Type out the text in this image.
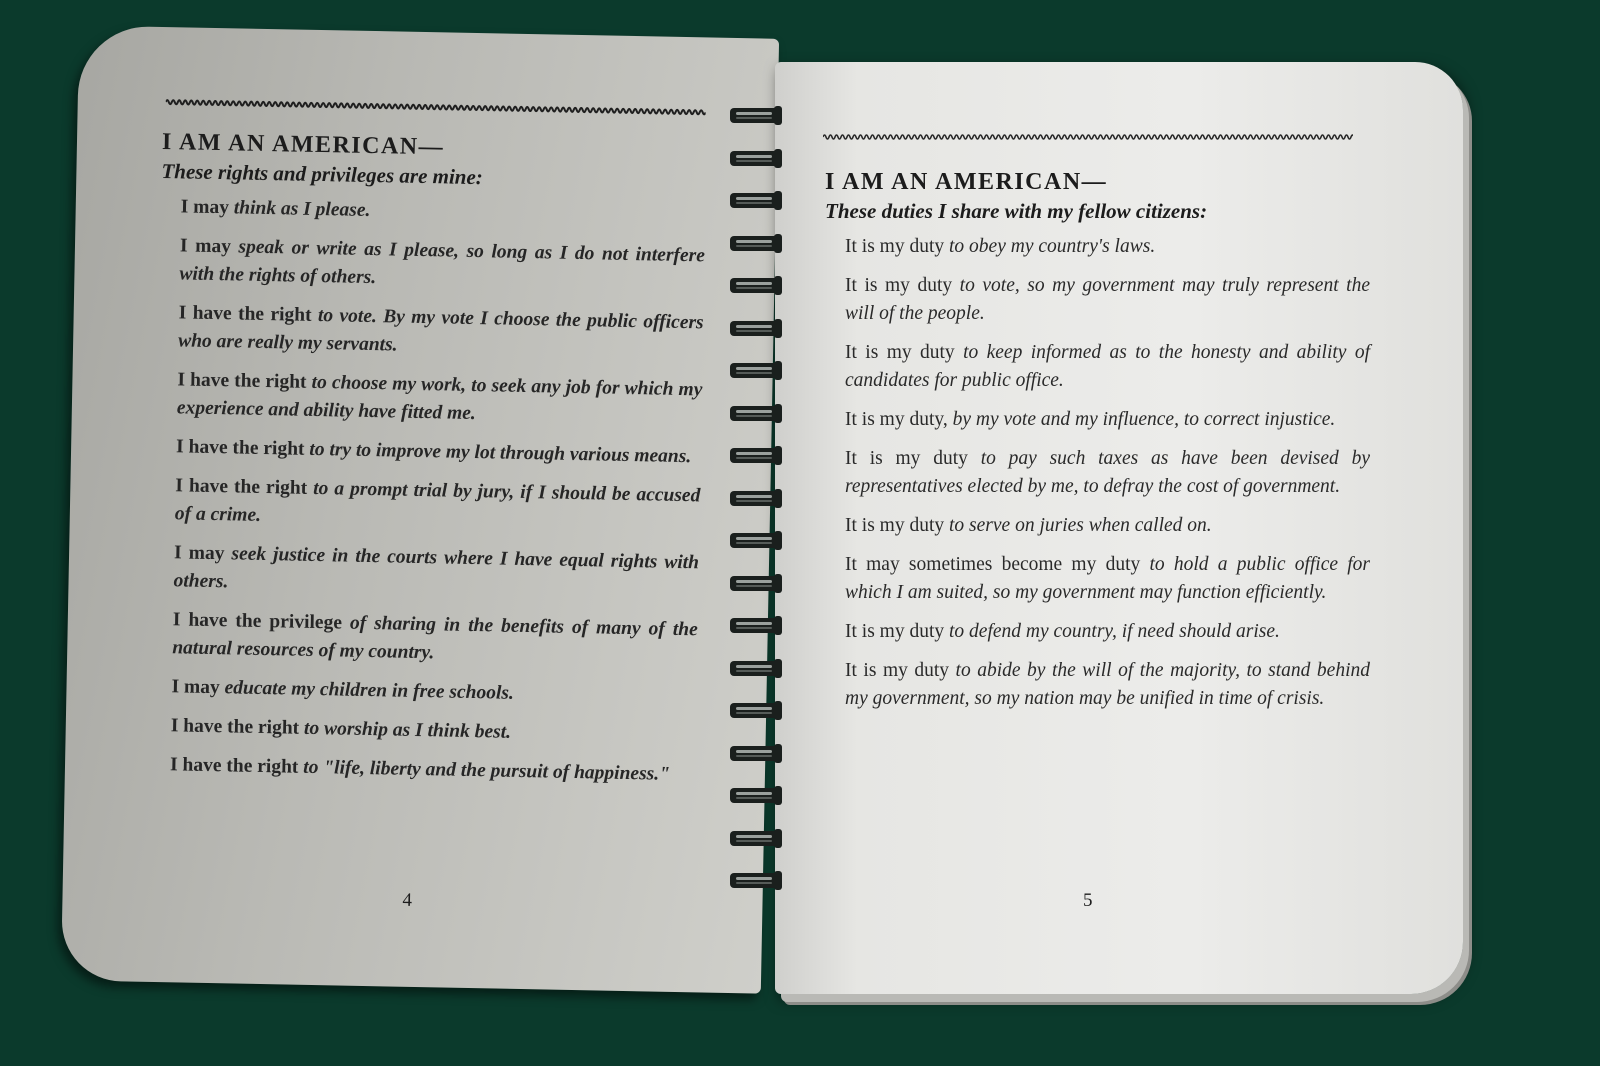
I AM AN AMERICAN—
These rights and privileges are mine:

I may think as I please.

I may speak or write as I please, so long as I do not interfere with the rights of others.

I have the right to vote. By my vote I choose the public officers who are really my servants.

I have the right to choose my work, to seek any job for which my experience and ability have fitted me.

I have the right to try to improve my lot through various means.

I have the right to a prompt trial by jury, if I should be accused of a crime.

I may seek justice in the courts where I have equal rights with others.

I have the privilege of sharing in the benefits of many of the natural resources of my country.

I may educate my children in free schools.

I have the right to worship as I think best.

I have the right to "life, liberty and the pursuit of happiness."

4
I AM AN AMERICAN—
These duties I share with my fellow citizens:

It is my duty to obey my country's laws.

It is my duty to vote, so my government may truly represent the will of the people.

It is my duty to keep informed as to the honesty and ability of candidates for public office.

It is my duty, by my vote and my influence, to correct injustice.

It is my duty to pay such taxes as have been devised by representatives elected by me, to defray the cost of government.

It is my duty to serve on juries when called on.

It may sometimes become my duty to hold a public office for which I am suited, so my government may function efficiently.

It is my duty to defend my country, if need should arise.

It is my duty to abide by the will of the majority, to stand behind my government, so my nation may be unified in time of crisis.

5
